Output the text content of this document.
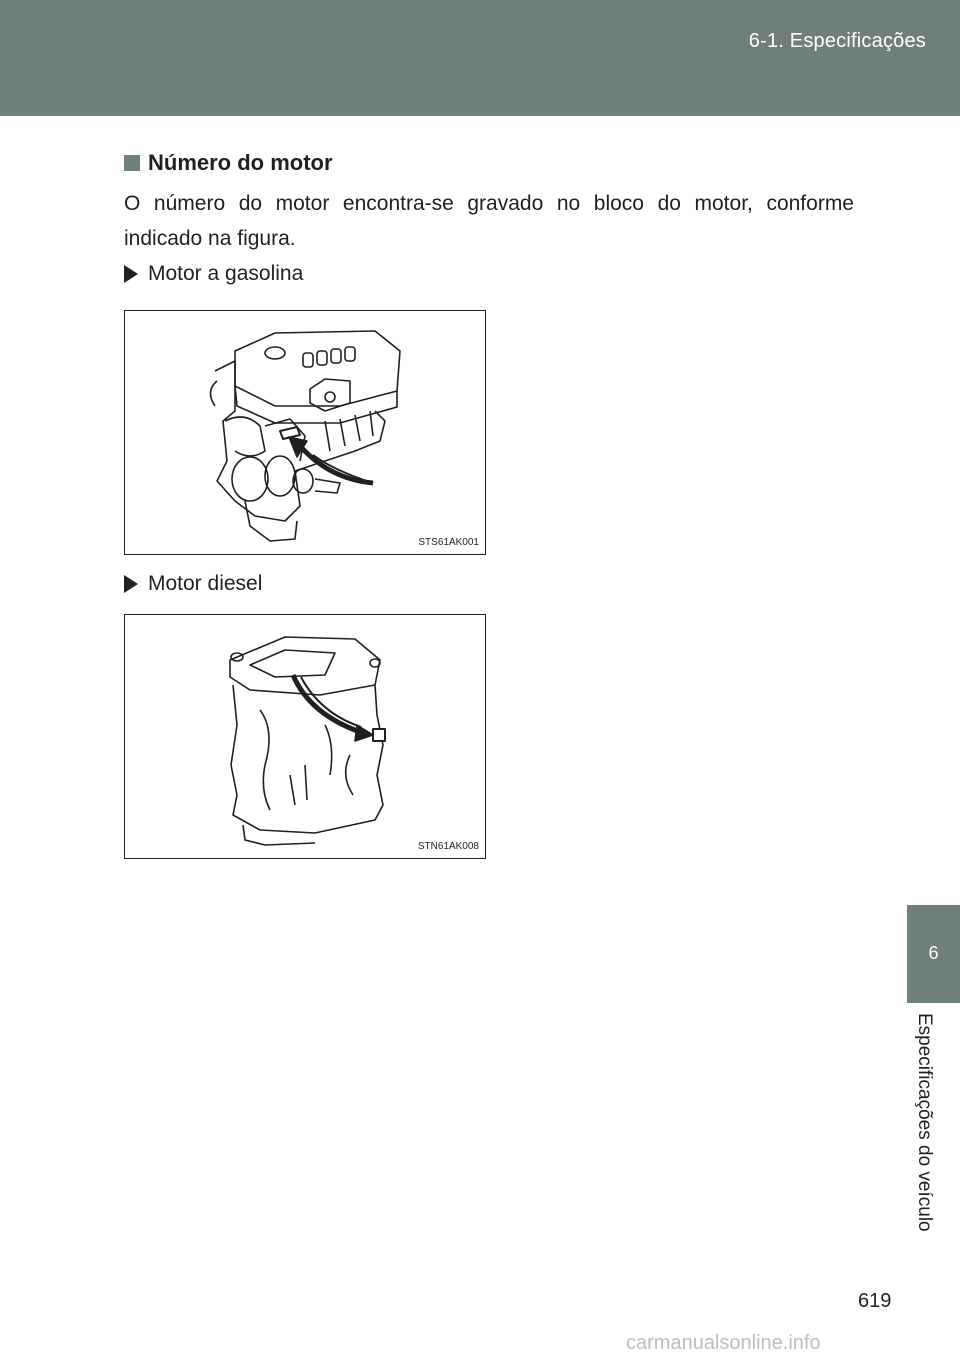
6-1. Especificações
Número do motor
O número do motor encontra-se gravado no bloco do motor, conforme indicado na figura.
Motor a gasolina
STS61AK001
Motor diesel
STN61AK008
6
Especificações do veículo
619
carmanualsonline.info
